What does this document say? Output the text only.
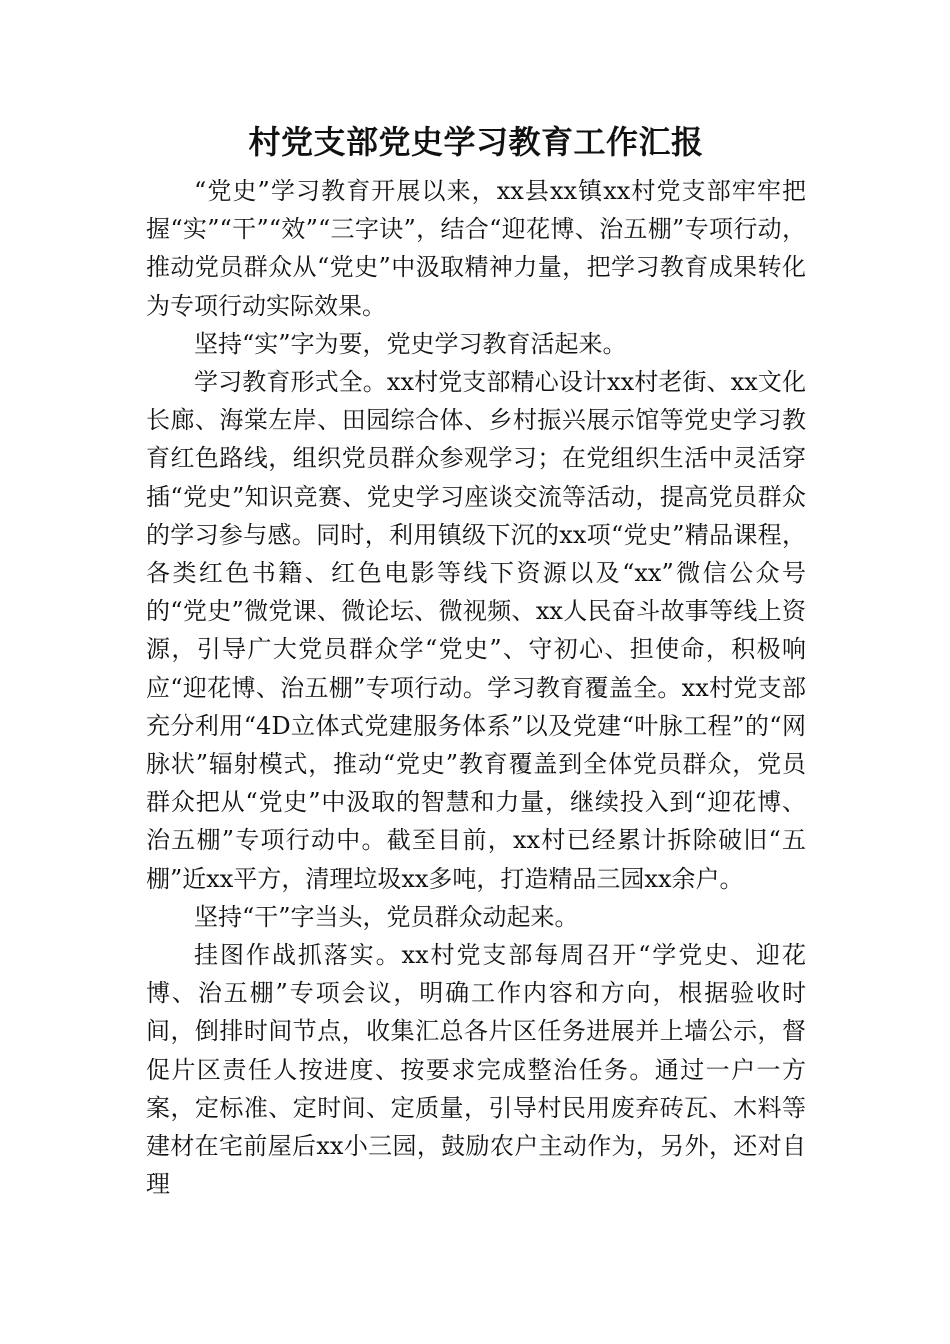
村党支部党史学习教育工作汇报

“党史”学习教育开展以来，xx县xx镇xx村党支部牢牢把握“实”“干”“效”“三字诀”，结合“迎花博、治五棚”专项行动，推动党员群众从“党史”中汲取精神力量，把学习教育成果转化为专项行动实际效果。

坚持“实”字为要，党史学习教育活起来。

学习教育形式全。xx村党支部精心设计xx村老街、xx文化长廊、海棠左岸、田园综合体、乡村振兴展示馆等党史学习教育红色路线，组织党员群众参观学习；在党组织生活中灵活穿插“党史”知识竞赛、党史学习座谈交流等活动，提高党员群众的学习参与感。同时，利用镇级下沉的xx项“党史”精品课程，各类红色书籍、红色电影等线下资源以及“xx”微信公众号的“党史”微党课、微论坛、微视频、xx人民奋斗故事等线上资源，引导广大党员群众学“党史”、守初心、担使命，积极响应“迎花博、治五棚”专项行动。学习教育覆盖全。xx村党支部充分利用“4D立体式党建服务体系”以及党建“叶脉工程”的“网脉状”辐射模式，推动“党史”教育覆盖到全体党员群众，党员群众把从“党史”中汲取的智慧和力量，继续投入到“迎花博、治五棚”专项行动中。截至目前，xx村已经累计拆除破旧“五棚”近xx平方，清理垃圾xx多吨，打造精品三园xx余户。

坚持“干”字当头，党员群众动起来。

挂图作战抓落实。xx村党支部每周召开“学党史、迎花博、治五棚”专项会议，明确工作内容和方向，根据验收时间，倒排时间节点，收集汇总各片区任务进展并上墙公示，督促片区责任人按进度、按要求完成整治任务。通过一户一方案，定标准、定时间、定质量，引导村民用废弃砖瓦、木料等建材在宅前屋后xx小三园，鼓励农户主动作为，另外，还对自理
